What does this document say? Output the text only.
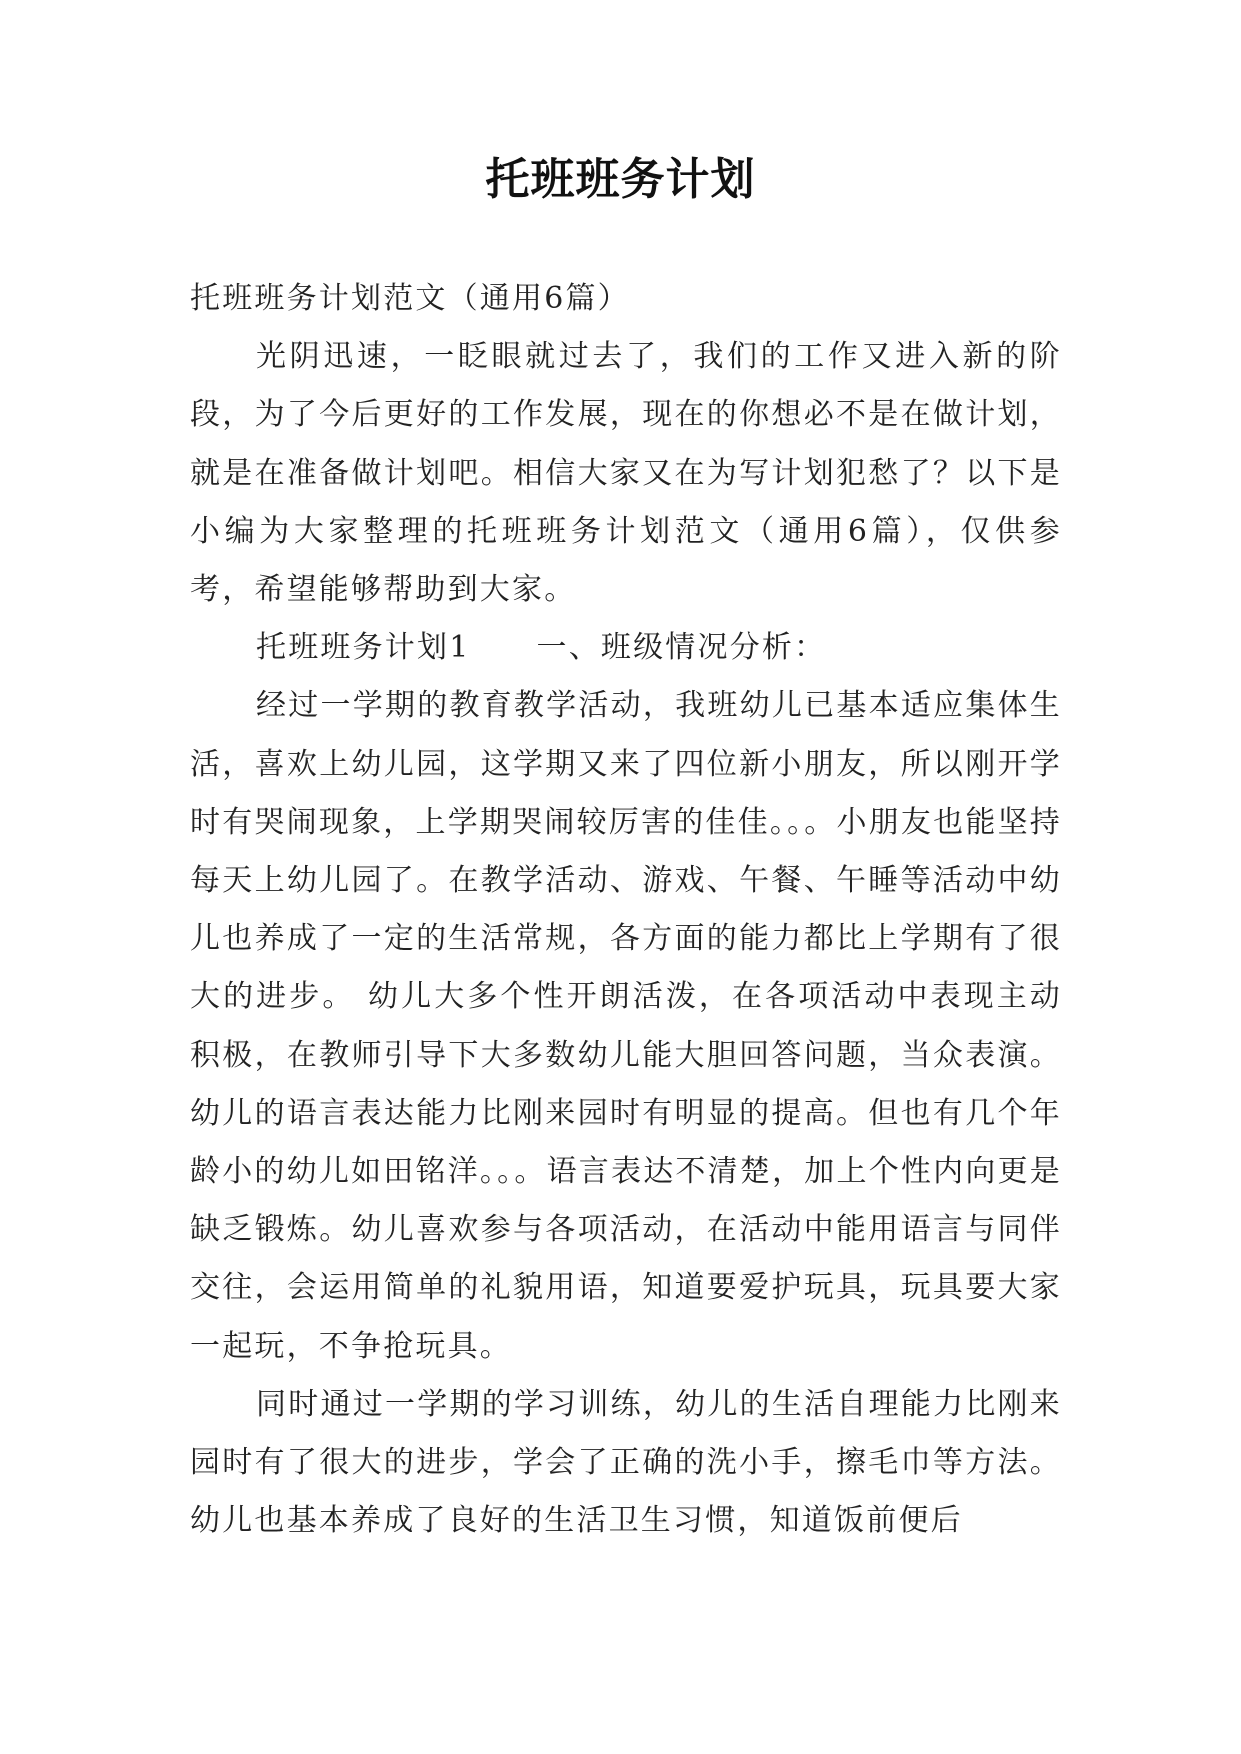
托班班务计划

托班班务计划范文（通用6篇）

光阴迅速，一眨眼就过去了，我们的工作又进入新的阶段，为了今后更好的工作发展，现在的你想必不是在做计划，就是在准备做计划吧。相信大家又在为写计划犯愁了？以下是小编为大家整理的托班班务计划范文（通用6篇），仅供参考，希望能够帮助到大家。

托班班务计划1 一、班级情况分析：

经过一学期的教育教学活动，我班幼儿已基本适应集体生活，喜欢上幼儿园，这学期又来了四位新小朋友，所以刚开学时有哭闹现象，上学期哭闹较厉害的佳佳。。。小朋友也能坚持每天上幼儿园了。在教学活动、游戏、午餐、午睡等活动中幼儿也养成了一定的生活常规，各方面的能力都比上学期有了很大的进步。 幼儿大多个性开朗活泼，在各项活动中表现主动积极，在教师引导下大多数幼儿能大胆回答问题，当众表演。幼儿的语言表达能力比刚来园时有明显的提高。但也有几个年龄小的幼儿如田铭洋。。。语言表达不清楚，加上个性内向更是缺乏锻炼。幼儿喜欢参与各项活动，在活动中能用语言与同伴交往，会运用简单的礼貌用语，知道要爱护玩具，玩具要大家一起玩，不争抢玩具。

同时通过一学期的学习训练，幼儿的生活自理能力比刚来园时有了很大的进步，学会了正确的洗小手，擦毛巾等方法。幼儿也基本养成了良好的生活卫生习惯，知道饭前便后
